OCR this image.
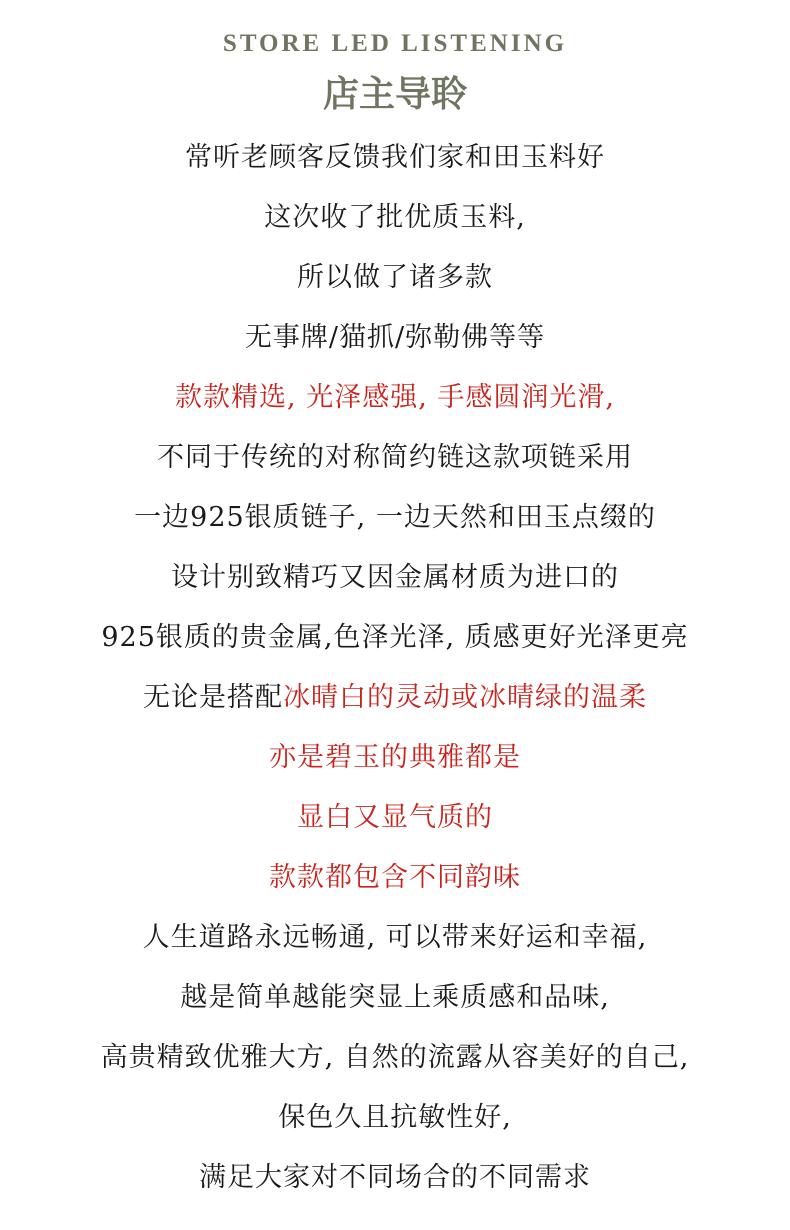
STORE LED LISTENING
店主导聆
常听老顾客反馈我们家和田玉料好
这次收了批优质玉料,
所以做了诸多款
无事牌/猫抓/弥勒佛等等
款款精选, 光泽感强, 手感圆润光滑,
不同于传统的对称简约链这款项链采用
一边925银质链子, 一边天然和田玉点缀的
设计别致精巧又因金属材质为进口的
925银质的贵金属,色泽光泽, 质感更好光泽更亮
无论是搭配冰晴白的灵动或冰晴绿的温柔
亦是碧玉的典雅都是
显白又显气质的
款款都包含不同韵味
人生道路永远畅通, 可以带来好运和幸福,
越是简单越能突显上乘质感和品味,
高贵精致优雅大方, 自然的流露从容美好的自己,
保色久且抗敏性好,
满足大家对不同场合的不同需求
